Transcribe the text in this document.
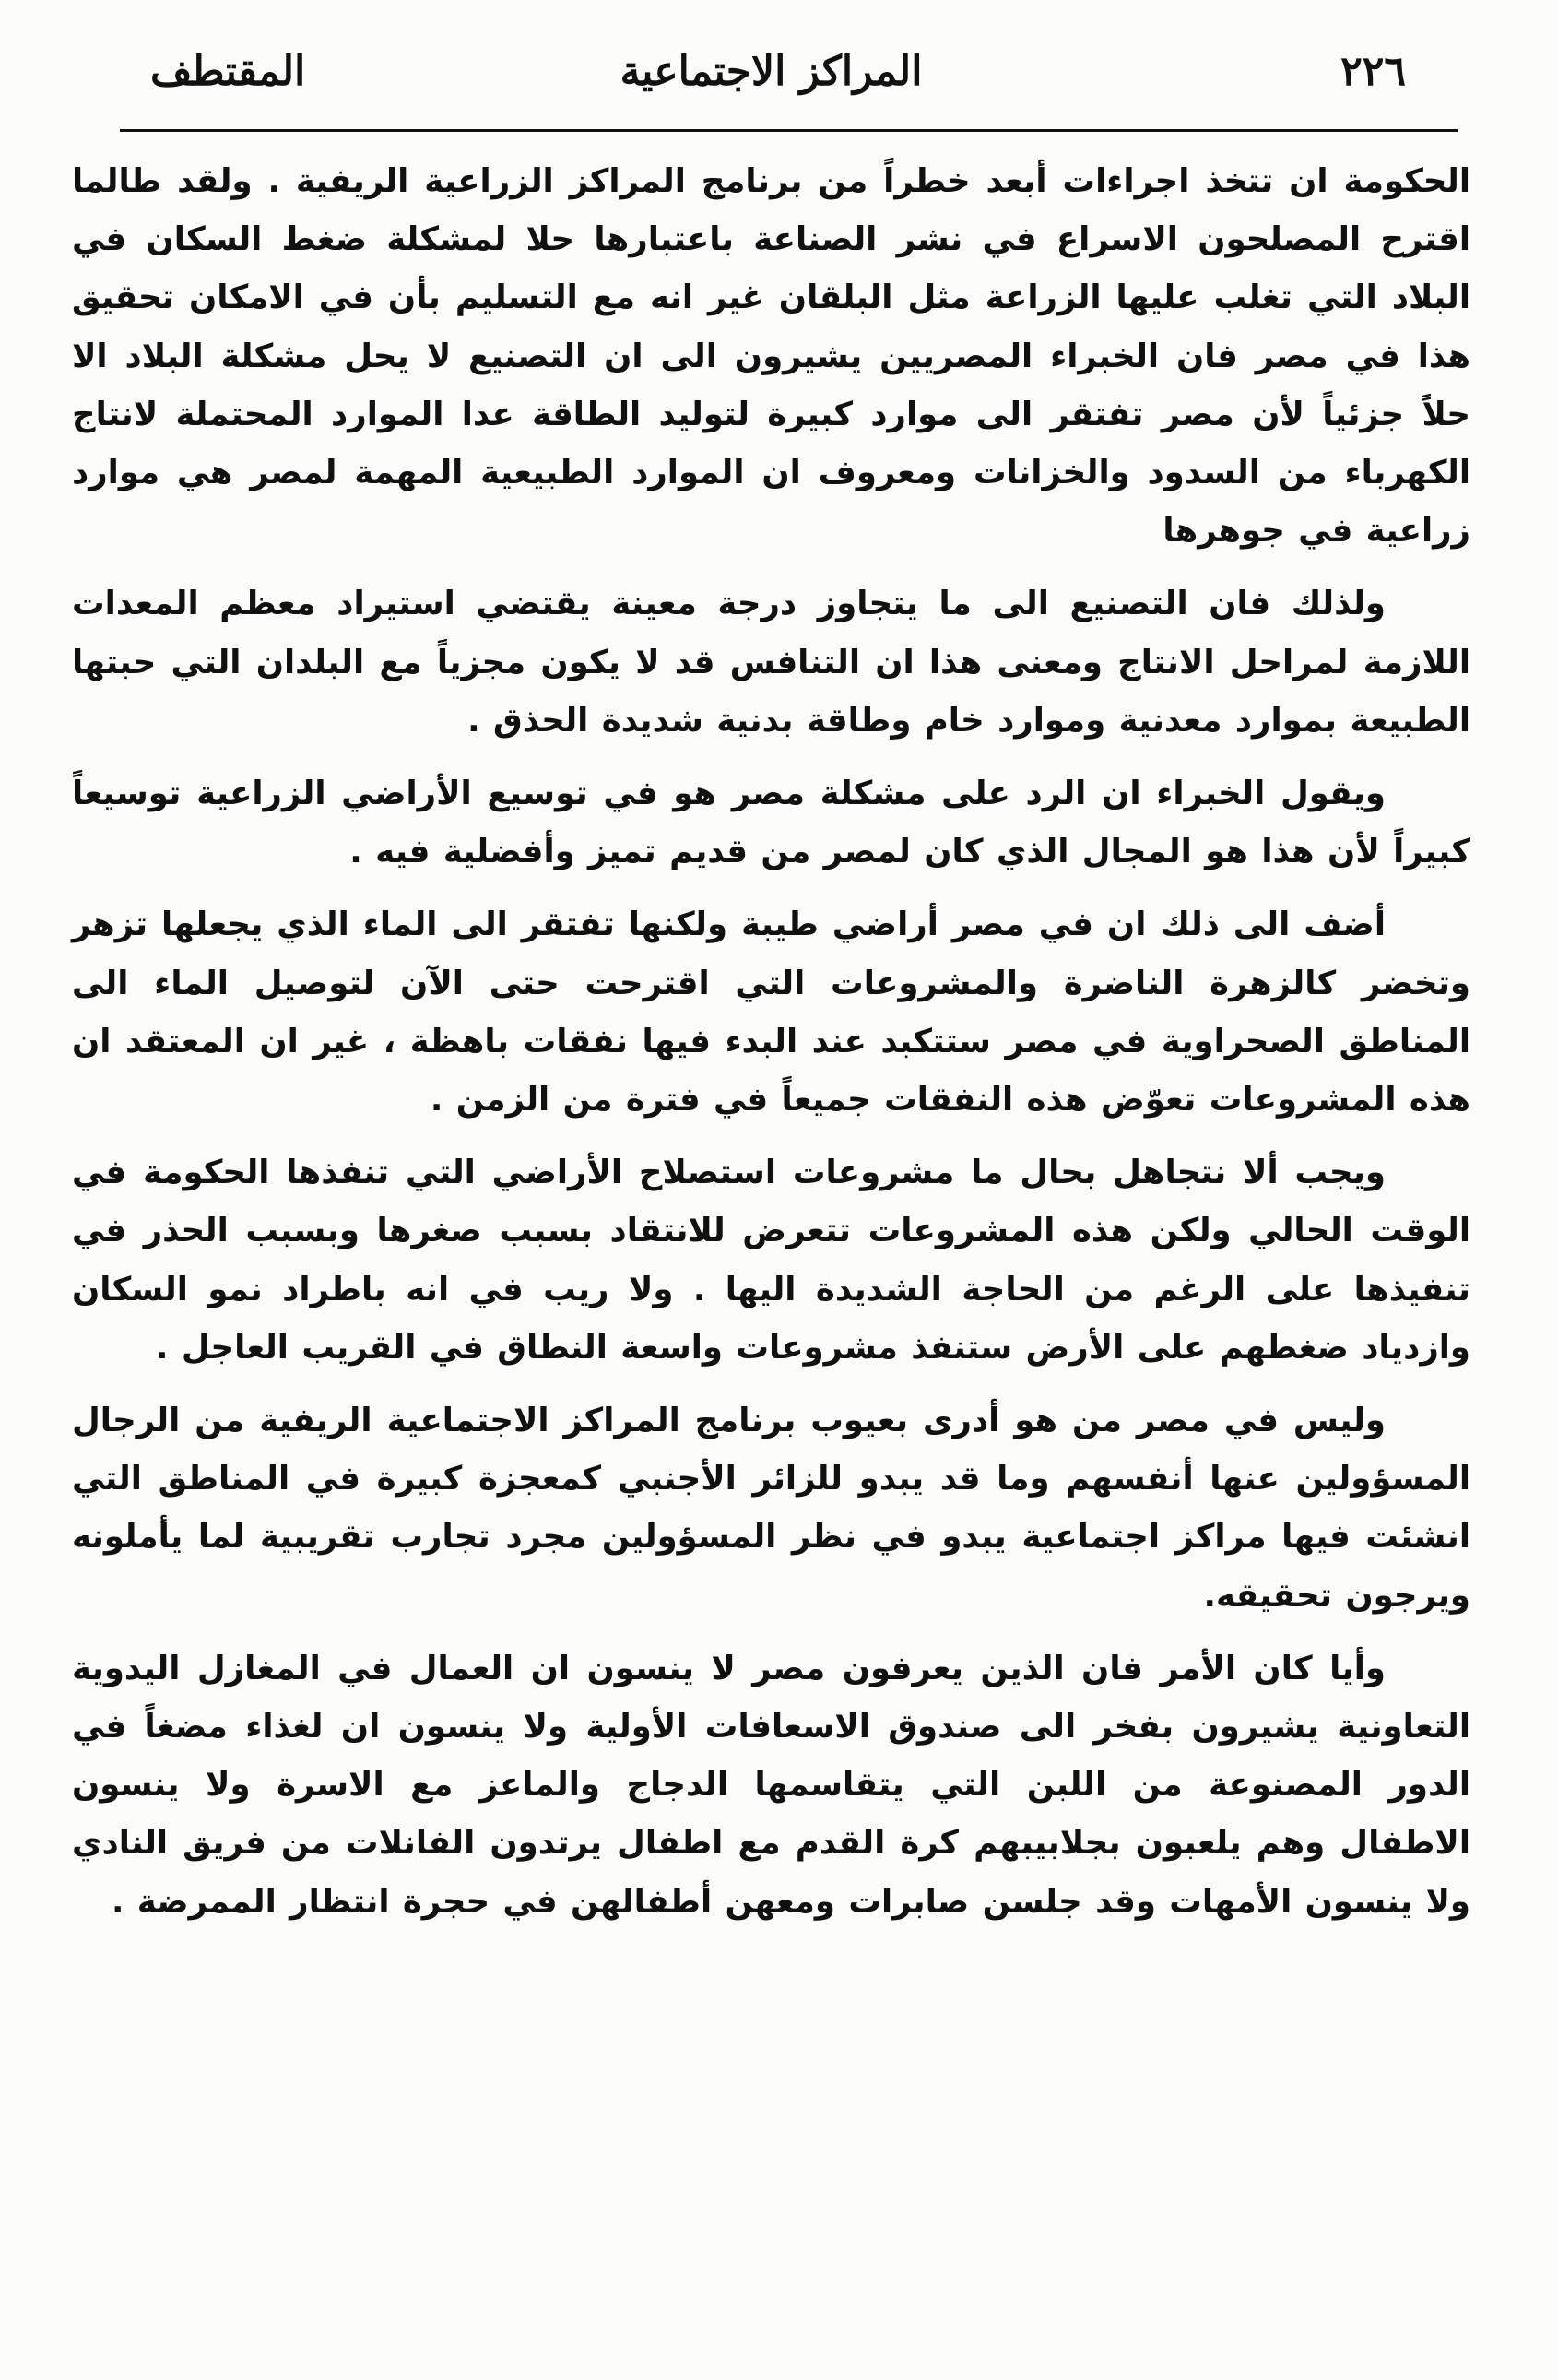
٢٢٦
المراكز الاجتماعية
المقتطف

الحكومة ان تتخذ اجراءات أبعد خطراً من برنامج المراكز الزراعية الريفية . ولقد طالما اقترح المصلحون الاسراع في نشر الصناعة باعتبارها حلا لمشكلة ضغط السكان في البلاد التي تغلب عليها الزراعة مثل البلقان غير انه مع التسليم بأن في الامكان تحقيق هذا في مصر فان الخبراء المصريين يشيرون الى ان التصنيع لا يحل مشكلة البلاد الا حلاً جزئياً لأن مصر تفتقر الى موارد كبيرة لتوليد الطاقة عدا الموارد المحتملة لانتاج الكهرباء من السدود والخزانات ومعروف ان الموارد الطبيعية المهمة لمصر هي موارد زراعية في جوهرها

ولذلك فان التصنيع الى ما يتجاوز درجة معينة يقتضي استيراد معظم المعدات اللازمة لمراحل الانتاج ومعنى هذا ان التنافس قد لا يكون مجزياً مع البلدان التي حبتها الطبيعة بموارد معدنية وموارد خام وطاقة بدنية شديدة الحذق .

ويقول الخبراء ان الرد على مشكلة مصر هو في توسيع الأراضي الزراعية توسيعاً كبيراً لأن هذا هو المجال الذي كان لمصر من قديم تميز وأفضلية فيه .

أضف الى ذلك ان في مصر أراضي طيبة ولكنها تفتقر الى الماء الذي يجعلها تزهر وتخضر كالزهرة الناضرة والمشروعات التي اقترحت حتى الآن لتوصيل الماء الى المناطق الصحراوية في مصر ستتكبد عند البدء فيها نفقات باهظة ، غير ان المعتقد ان هذه المشروعات تعوّض هذه النفقات جميعاً في فترة من الزمن .

ويجب ألا نتجاهل بحال ما مشروعات استصلاح الأراضي التي تنفذها الحكومة في الوقت الحالي ولكن هذه المشروعات تتعرض للانتقاد بسبب صغرها وبسبب الحذر في تنفيذها على الرغم من الحاجة الشديدة اليها . ولا ريب في انه باطراد نمو السكان وازدياد ضغطهم على الأرض ستنفذ مشروعات واسعة النطاق في القريب العاجل .

وليس في مصر من هو أدرى بعيوب برنامج المراكز الاجتماعية الريفية من الرجال المسؤولين عنها أنفسهم وما قد يبدو للزائر الأجنبي كمعجزة كبيرة في المناطق التي انشئت فيها مراكز اجتماعية يبدو في نظر المسؤولين مجرد تجارب تقريبية لما يأملونه ويرجون تحقيقه.

وأيا كان الأمر فان الذين يعرفون مصر لا ينسون ان العمال في المغازل اليدوية التعاونية يشيرون بفخر الى صندوق الاسعافات الأولية ولا ينسون ان لغذاء مضغاً في الدور المصنوعة من اللبن التي يتقاسمها الدجاج والماعز مع الاسرة ولا ينسون الاطفال وهم يلعبون بجلابيبهم كرة القدم مع اطفال يرتدون الفانلات من فريق النادي ولا ينسون الأمهات وقد جلسن صابرات ومعهن أطفالهن في حجرة انتظار الممرضة .
